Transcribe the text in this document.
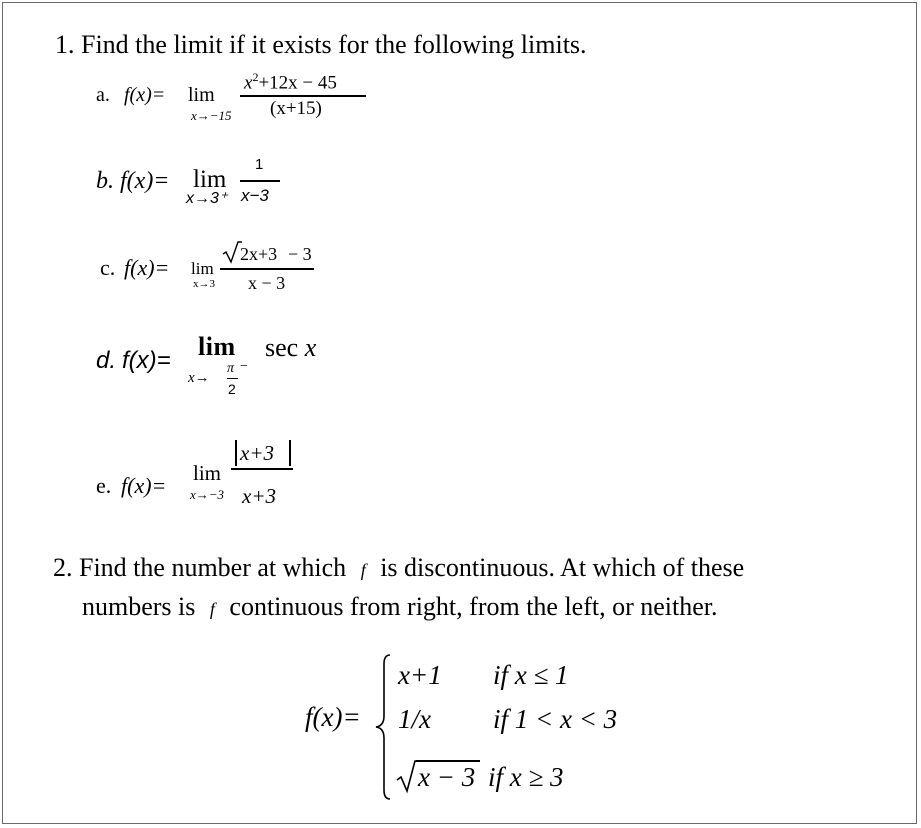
1. Find the limit if it exists for the following limits.
a. f(x)= lim
x→−15
$x^2+12x - 45$
(x+15)
b. f(x)= lim
x→3⁺
1
x−3
c. f(x)= lim
x→3
2x+3 − 3
x − 3
d. f(x)= lim sec x
x→
π −
2
e. f(x)= lim
x→−3
x+3
x+3
2. Find the number at which f is discontinuous. At which of these
numbers is f continuous from right, from the left, or neither.
f(x)=
x+1 if x ≤ 1
1/x if 1 < x < 3
x − 3 if x ≥ 3
